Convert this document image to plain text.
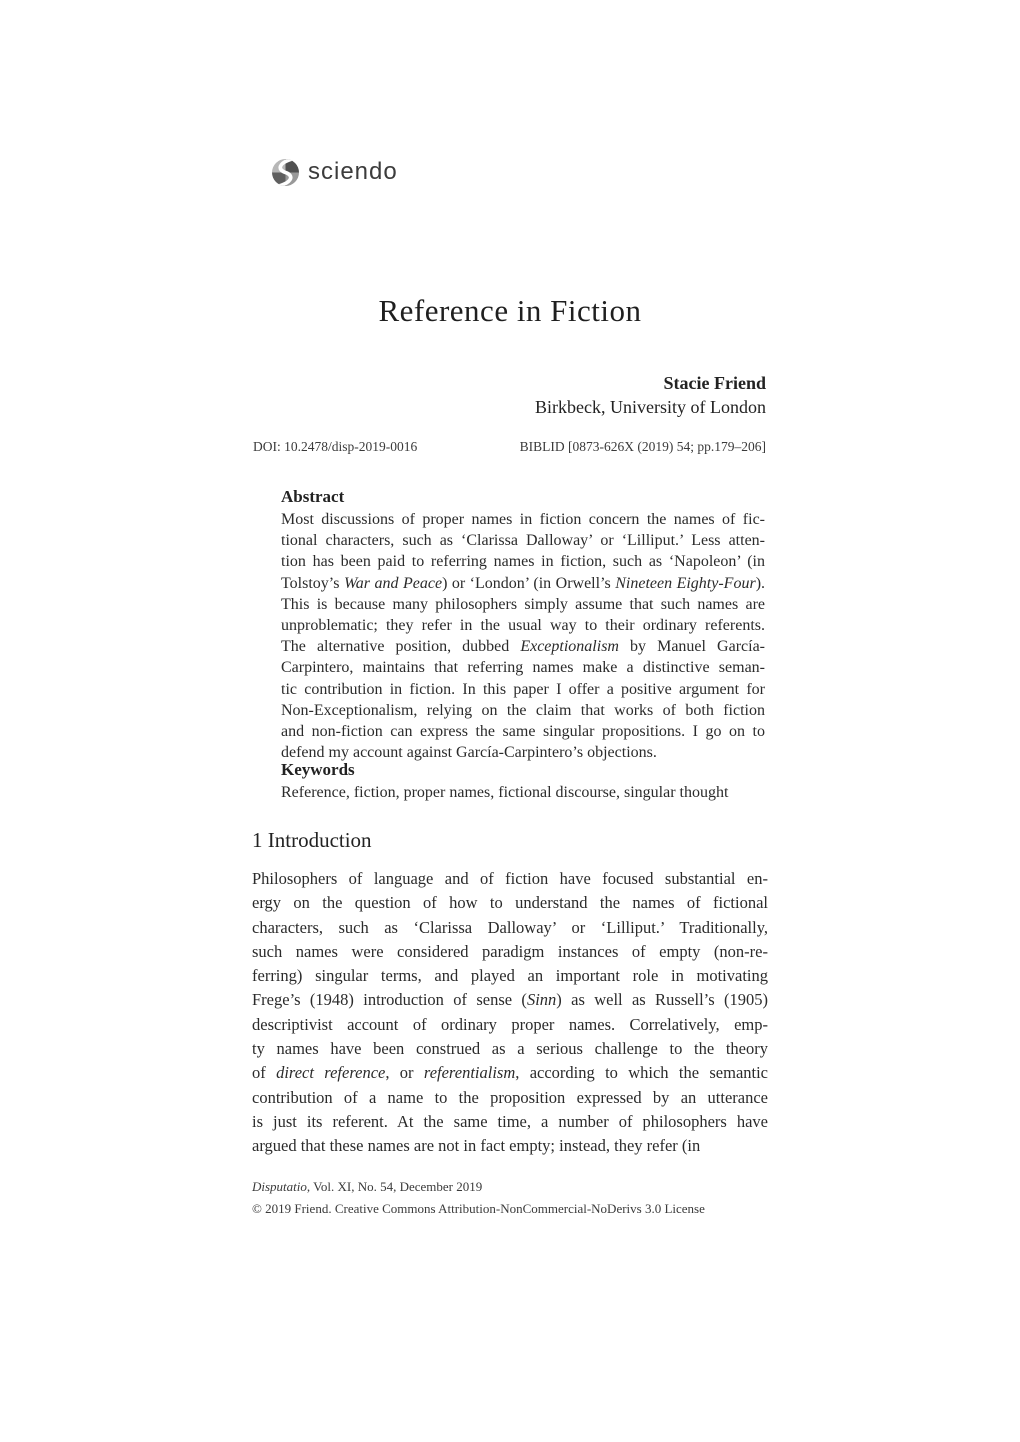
sciendo
Reference in Fiction
Stacie Friend
Birkbeck, University of London
DOI: 10.2478/disp-2019-0016	BIBLID [0873-626X (2019) 54; pp.179–206]
Abstract
Most discussions of proper names in fiction concern the names of fic-
tional characters, such as ‘Clarissa Dalloway’ or ‘Lilliput.’ Less atten-
tion has been paid to referring names in fiction, such as ‘Napoleon’ (in
Tolstoy’s War and Peace) or ‘London’ (in Orwell’s Nineteen Eighty-Four).
This is because many philosophers simply assume that such names are
unproblematic; they refer in the usual way to their ordinary referents.
The alternative position, dubbed Exceptionalism by Manuel García-
Carpintero, maintains that referring names make a distinctive seman-
tic contribution in fiction. In this paper I offer a positive argument for
Non-Exceptionalism, relying on the claim that works of both fiction
and non-fiction can express the same singular propositions. I go on to
defend my account against García-Carpintero’s objections.
Keywords
Reference, fiction, proper names, fictional discourse, singular thought
1 Introduction
Philosophers of language and of fiction have focused substantial en-
ergy on the question of how to understand the names of fictional
characters, such as ‘Clarissa Dalloway’ or ‘Lilliput.’ Traditionally,
such names were considered paradigm instances of empty (non-re-
ferring) singular terms, and played an important role in motivating
Frege’s (1948) introduction of sense (Sinn) as well as Russell’s (1905)
descriptivist account of ordinary proper names. Correlatively, emp-
ty names have been construed as a serious challenge to the theory
of direct reference, or referentialism, according to which the semantic
contribution of a name to the proposition expressed by an utterance
is just its referent. At the same time, a number of philosophers have
argued that these names are not in fact empty; instead, they refer (in
Disputatio, Vol. XI, No. 54, December 2019
© 2019 Friend. Creative Commons Attribution-NonCommercial-NoDerivs 3.0 License
